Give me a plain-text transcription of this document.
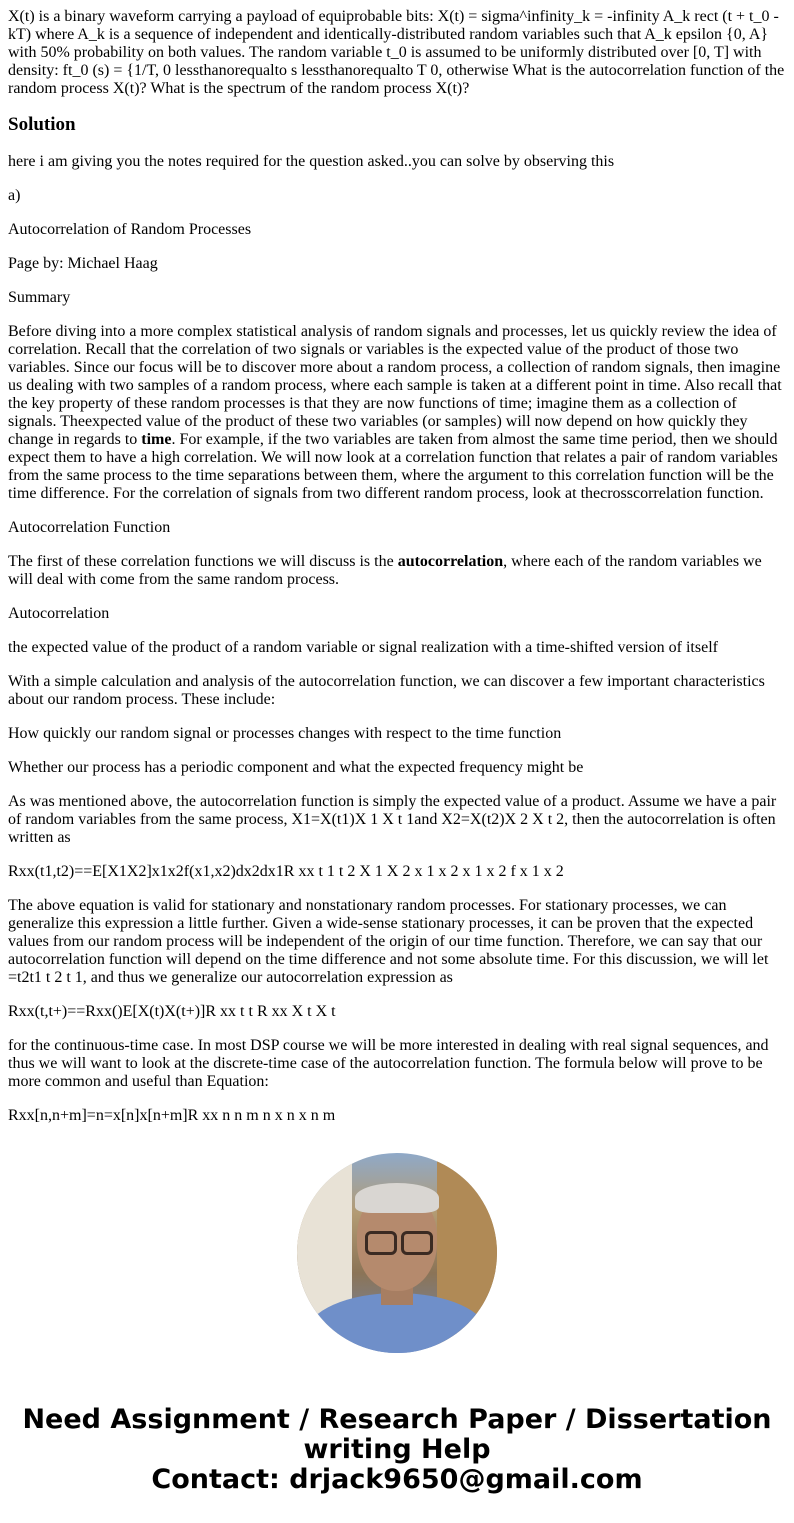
X(t) is a binary waveform carrying a payload of equiprobable bits: X(t) = sigma^infinity_k = -infinity A_k rect (t + t_0 - kT) where A_k is a sequence of independent and identically-distributed random variables such that A_k epsilon {0, A} with 50% probability on both values. The random variable t_0 is assumed to be uniformly distributed over [0, T] with density: ft_0 (s) = {1/T, 0 lessthanorequalto s lessthanorequalto T 0, otherwise What is the autocorrelation function of the random process X(t)? What is the spectrum of the random process X(t)?
Solution

here i am giving you the notes required for the question asked..you can solve by observing this

a)

Autocorrelation of Random Processes

Page by: Michael Haag

Summary

Before diving into a more complex statistical analysis of random signals and processes, let us quickly review the idea of correlation. Recall that the correlation of two signals or variables is the expected value of the product of those two variables. Since our focus will be to discover more about a random process, a collection of random signals, then imagine us dealing with two samples of a random process, where each sample is taken at a different point in time. Also recall that the key property of these random processes is that they are now functions of time; imagine them as a collection of signals. Theexpected value of the product of these two variables (or samples) will now depend on how quickly they change in regards to time. For example, if the two variables are taken from almost the same time period, then we should expect them to have a high correlation. We will now look at a correlation function that relates a pair of random variables from the same process to the time separations between them, where the argument to this correlation function will be the time difference. For the correlation of signals from two different random process, look at thecrosscorrelation function.

Autocorrelation Function

The first of these correlation functions we will discuss is the autocorrelation, where each of the random variables we will deal with come from the same random process.

Autocorrelation

the expected value of the product of a random variable or signal realization with a time-shifted version of itself

With a simple calculation and analysis of the autocorrelation function, we can discover a few important characteristics about our random process. These include:

How quickly our random signal or processes changes with respect to the time function

Whether our process has a periodic component and what the expected frequency might be

As was mentioned above, the autocorrelation function is simply the expected value of a product. Assume we have a pair of random variables from the same process, X1=X(t1)X 1 X t 1and X2=X(t2)X 2 X t 2, then the autocorrelation is often written as

Rxx(t1,t2)==E[X1X2]x1x2f(x1,x2)dx2dx1R xx t 1 t 2 X 1 X 2 x 1 x 2 x 1 x 2 f x 1 x 2

The above equation is valid for stationary and nonstationary random processes. For stationary processes, we can generalize this expression a little further. Given a wide-sense stationary processes, it can be proven that the expected values from our random process will be independent of the origin of our time function. Therefore, we can say that our autocorrelation function will depend on the time difference and not some absolute time. For this discussion, we will let =t2t1 t 2 t 1, and thus we generalize our autocorrelation expression as

Rxx(t,t+)==Rxx()E[X(t)X(t+)]R xx t t R xx X t X t

for the continuous-time case. In most DSP course we will be more interested in dealing with real signal sequences, and thus we will want to look at the discrete-time case of the autocorrelation function. The formula below will prove to be more common and useful than Equation:

Rxx[n,n+m]=n=x[n]x[n+m]R xx n n m n x n x n m

Need Assignment / Research Paper / Dissertation
writing Help
Contact: drjack9650@gmail.com
